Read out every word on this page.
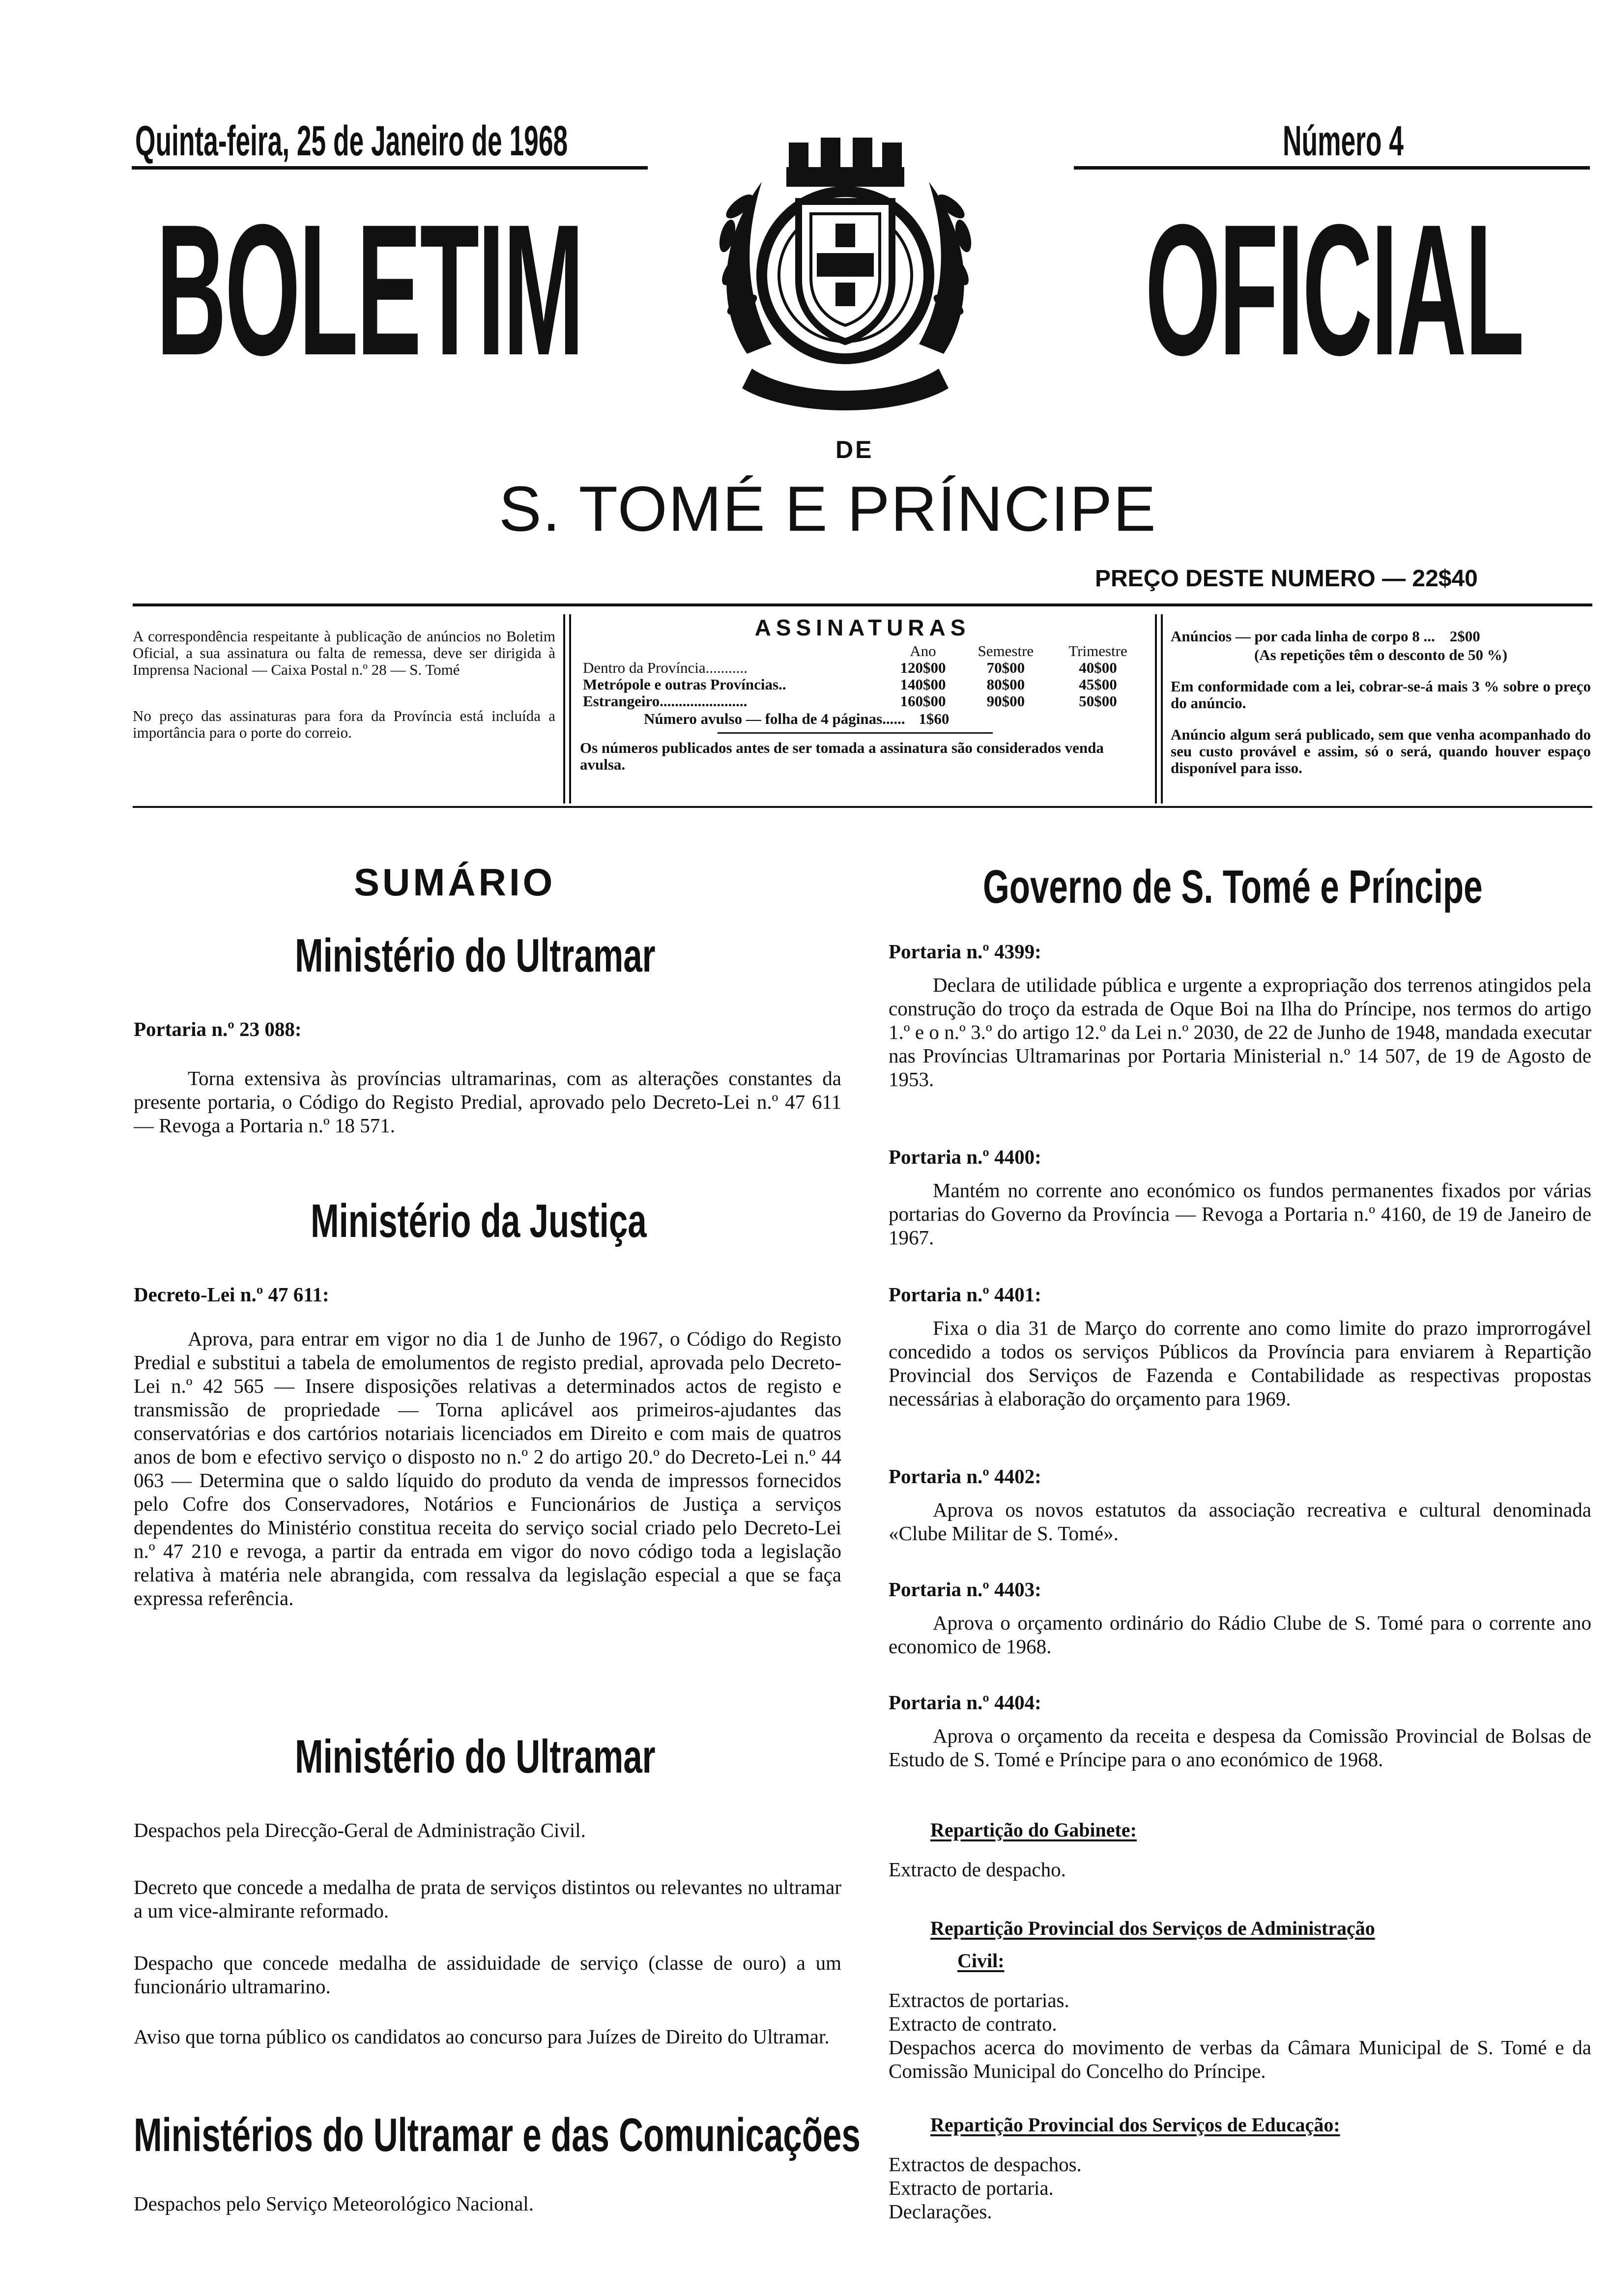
Quinta-feira, 25 de Janeiro de 1968	Número 4
BOLETIM	OFICIAL
DE
S. TOMÉ E PRÍNCIPE
PREÇO DESTE NUMERO — 22$40

A correspondência respeitante à publicação de anúncios no Boletim Oficial, a sua assinatura ou falta de remessa, deve ser dirigida à Imprensa Nacional — Caixa Postal n.º 28 — S. Tomé

No preço das assinaturas para fora da Província está incluída a importância para o porte do correio.

ASSINATURAS
	Ano	Semestre	Trimestre
Dentro da Província...........	120$00	70$00	40$00
Metrópole e outras Províncias..	140$00	80$00	45$00
Estrangeiro.......................	160$00	90$00	50$00
Número avulso — folha de 4 páginas...... 1$60
Os números publicados antes de ser tomada a assinatura são considerados venda avulsa.

Anúncios — por cada linha de corpo 8 ... 2$00

(As repetições têm o desconto de 50 %)

Em conformidade com a lei, cobrar-se-á mais 3 % sobre o preço do anúncio.

Anúncio algum será publicado, sem que venha acompanhado do seu custo provável e assim, só o será, quando houver espaço disponível para isso.

SUMÁRIO
Ministério do Ultramar
Portaria n.º 23 088:

Torna extensiva às províncias ultramarinas, com as alterações constantes da presente portaria, o Código do Registo Predial, aprovado pelo Decreto-Lei n.º 47 611 — Revoga a Portaria n.º 18 571.

Ministério da Justiça
Decreto-Lei n.º 47 611:

Aprova, para entrar em vigor no dia 1 de Junho de 1967, o Código do Registo Predial e substitui a tabela de emolumentos de registo predial, aprovada pelo Decreto-Lei n.º 42 565 — Insere disposições relativas a determinados actos de registo e transmissão de propriedade — Torna aplicável aos primeiros-ajudantes das conservatórias e dos cartórios notariais licenciados em Direito e com mais de quatros anos de bom e efectivo serviço o disposto no n.º 2 do artigo 20.º do Decreto-Lei n.º 44 063 — Determina que o saldo líquido do produto da venda de impressos fornecidos pelo Cofre dos Conservadores, Notários e Funcionários de Justiça a serviços dependentes do Ministério constitua receita do serviço social criado pelo Decreto-Lei n.º 47 210 e revoga, a partir da entrada em vigor do novo código toda a legislação relativa à matéria nele abrangida, com ressalva da legislação especial a que se faça expressa referência.

Ministério do Ultramar

Despachos pela Direcção-Geral de Administração Civil.

Decreto que concede a medalha de prata de serviços distintos ou relevantes no ultramar a um vice-almirante reformado.

Despacho que concede medalha de assiduidade de serviço (classe de ouro) a um funcionário ultramarino.

Aviso que torna público os candidatos ao concurso para Juízes de Direito do Ultramar.

Ministérios do Ultramar e das Comunicações

Despachos pelo Serviço Meteorológico Nacional.

Governo de S. Tomé e Príncipe
Portaria n.º 4399:

Declara de utilidade pública e urgente a expropriação dos terrenos atingidos pela construção do troço da estrada de Oque Boi na Ilha do Príncipe, nos termos do artigo 1.º e o n.º 3.º do artigo 12.º da Lei n.º 2030, de 22 de Junho de 1948, mandada executar nas Províncias Ultramarinas por Portaria Ministerial n.º 14 507, de 19 de Agosto de 1953.

Portaria n.º 4400:

Mantém no corrente ano económico os fundos permanentes fixados por várias portarias do Governo da Província — Revoga a Portaria n.º 4160, de 19 de Janeiro de 1967.

Portaria n.º 4401:

Fixa o dia 31 de Março do corrente ano como limite do prazo improrrogável concedido a todos os serviços Públicos da Província para enviarem à Repartição Provincial dos Serviços de Fazenda e Contabilidade as respectivas propostas necessárias à elaboração do orçamento para 1969.

Portaria n.º 4402:

Aprova os novos estatutos da associação recreativa e cultural denominada «Clube Militar de S. Tomé».

Portaria n.º 4403:

Aprova o orçamento ordinário do Rádio Clube de S. Tomé para o corrente ano economico de 1968.

Portaria n.º 4404:

Aprova o orçamento da receita e despesa da Comissão Provincial de Bolsas de Estudo de S. Tomé e Príncipe para o ano económico de 1968.

Repartição do Gabinete:
Extracto de despacho.
Repartição Provincial dos Serviços de Administração
Civil:
Extractos de portarias.
Extracto de contrato.

Despachos acerca do movimento de verbas da Câmara Municipal de S. Tomé e da Comissão Municipal do Concelho do Príncipe.

Repartição Provincial dos Serviços de Educação:
Extractos de despachos.
Extracto de portaria.
Declarações.
